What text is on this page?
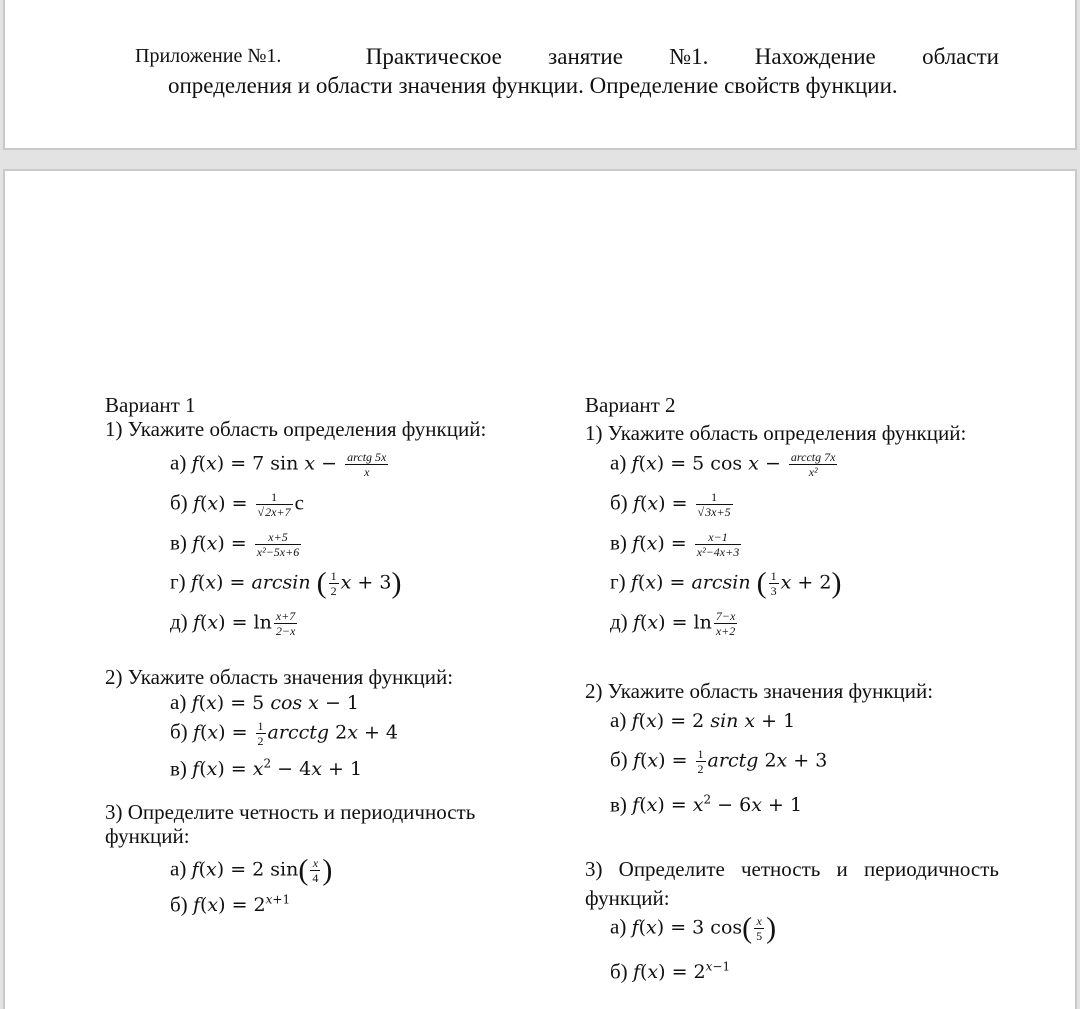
Приложение №1.	Практическое занятие №1. Нахождение области
определения и области значения функции. Определение свойств функции.
Вариант 1
1) Укажите область определения функций:
а) f(x) = 7 $\sin x - \frac{\text{arctg 5x}}{x}$
б) $f(x) = \frac{1}{√2x+7}$ с
в) $f(x) = \frac{x+5}{\text{x²−5x+6}}$
г) f(x) = arcsin ( $\frac{1}{2}$ x + 3)
д) $f(x) = \ln \frac{x+7}{2-x}$
2) Укажите область значения функций:
а) f(x) = 5 cos x − 1
б) $f(x) = \frac{1}{2}$ arcctg 2x + 4
в) $f(x) = x^2 - 4x + 1$
3) Определите четность и периодичность
функций:
а) f(x) = 2 $\sin( \frac{x}{4}$ )
б) $f(x) = 2^{x+1}$
Вариант 2
1) Укажите область определения функций:
а) f(x) = 5 $\cos x - \frac{\text{arcctg 7x}}{\text{x²}}$
б) $f(x) = \frac{1}{√3x+5}$
в) $f(x) = \frac{x-1}{\text{x²−4x+3}}$
г) f(x) = arcsin ( $\frac{1}{3}$ x + 2)
д) $f(x) = \ln \frac{7-x}{x+2}$
2) Укажите область значения функций:
а) f(x) = 2 sin x + 1
б) $f(x) = \frac{1}{2}$ arctg 2x + 3
в) $f(x) = x^2 - 6x + 1$
3) Определите четность и периодичность
функций:
а) f(x) = 3 $\cos( \frac{x}{5}$ )
б) $f(x) = 2^{x-1}$
